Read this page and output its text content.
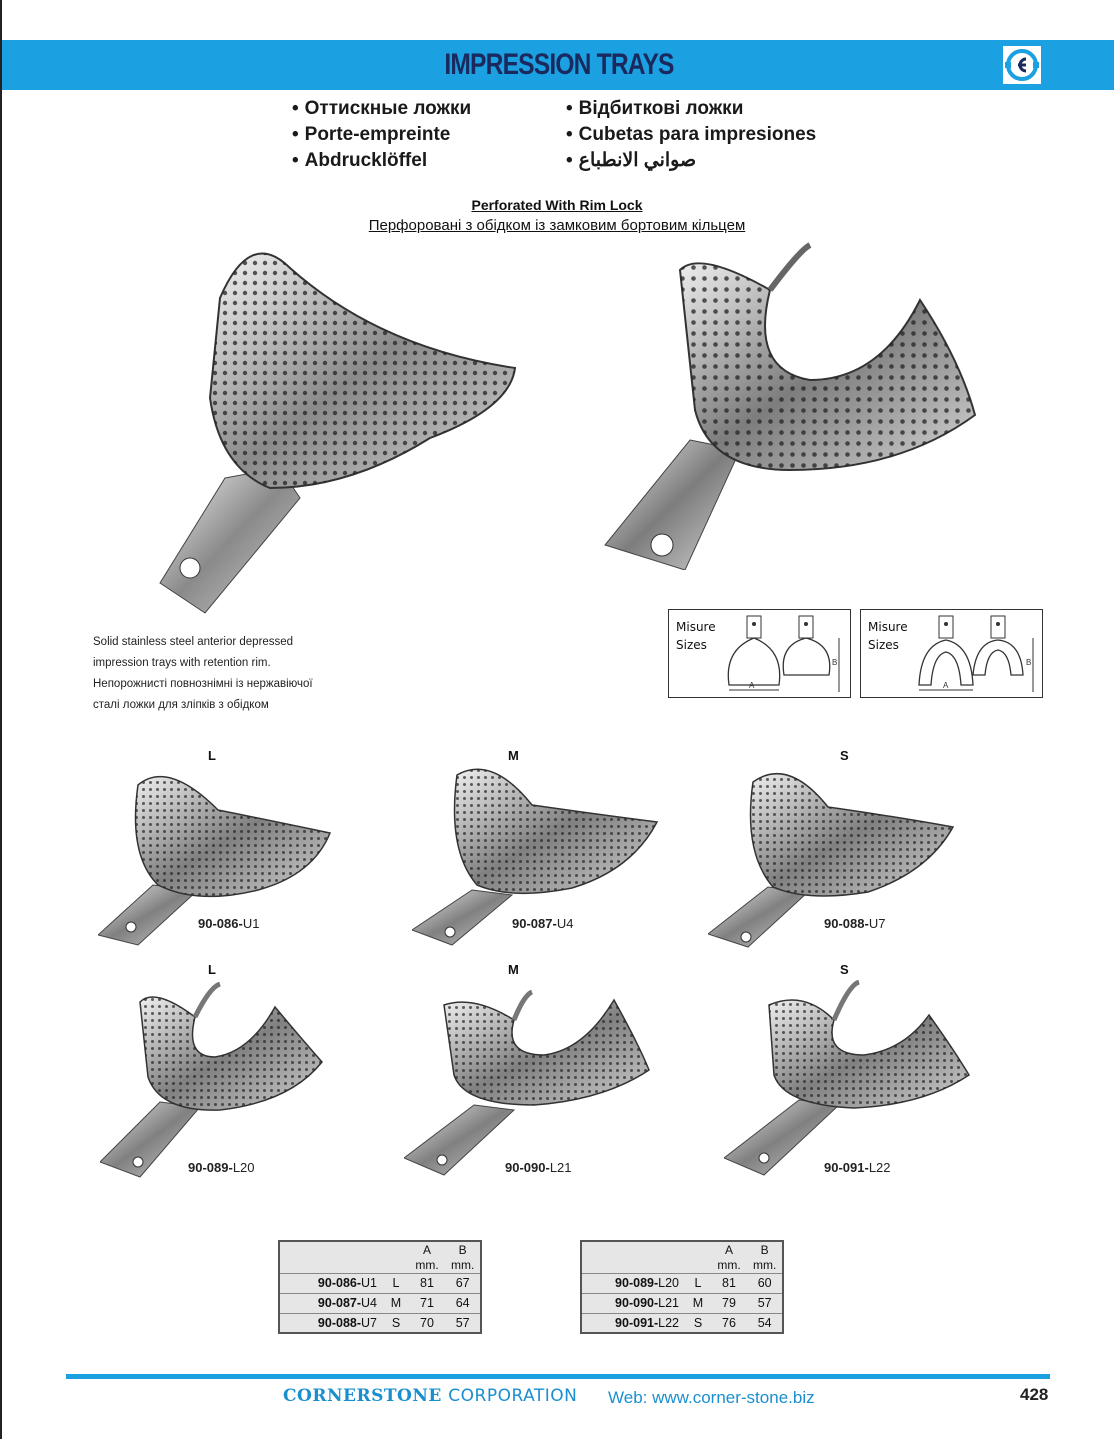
IMPRESSION TRAYS
• Оттискные ложки
• Porte-empreinte
• Abdrucklöffel
• Відбиткові ложки
• Cubetas para impresiones
• صواني الانطباع
Perforated With Rim Lock
Перфоровані з обідком із замковим бортовим кільцем
Solid stainless steel anterior depressed
impression trays with retention rim.
Непорожнисті повнознімні із нержавіючої
сталі ложки для зліпків з обідком
Misure
Sizes
A
B
Misure
Sizes
A
B
L	M	S
90-086-U1	90-087-U4	90-088-U7
L	M	S
90-089-L20	90-090-L21	90-091-L22
		A	B
		mm.	mm.
90-086-U1	L	81	67
90-087-U4	M	71	64
90-088-U7	S	70	57
		A	B
		mm.	mm.
90-089-L20	L	81	60
90-090-L21	M	79	57
90-091-L22	S	76	54
CORNERSTONE CORPORATION Web: www.corner-stone.biz	428
